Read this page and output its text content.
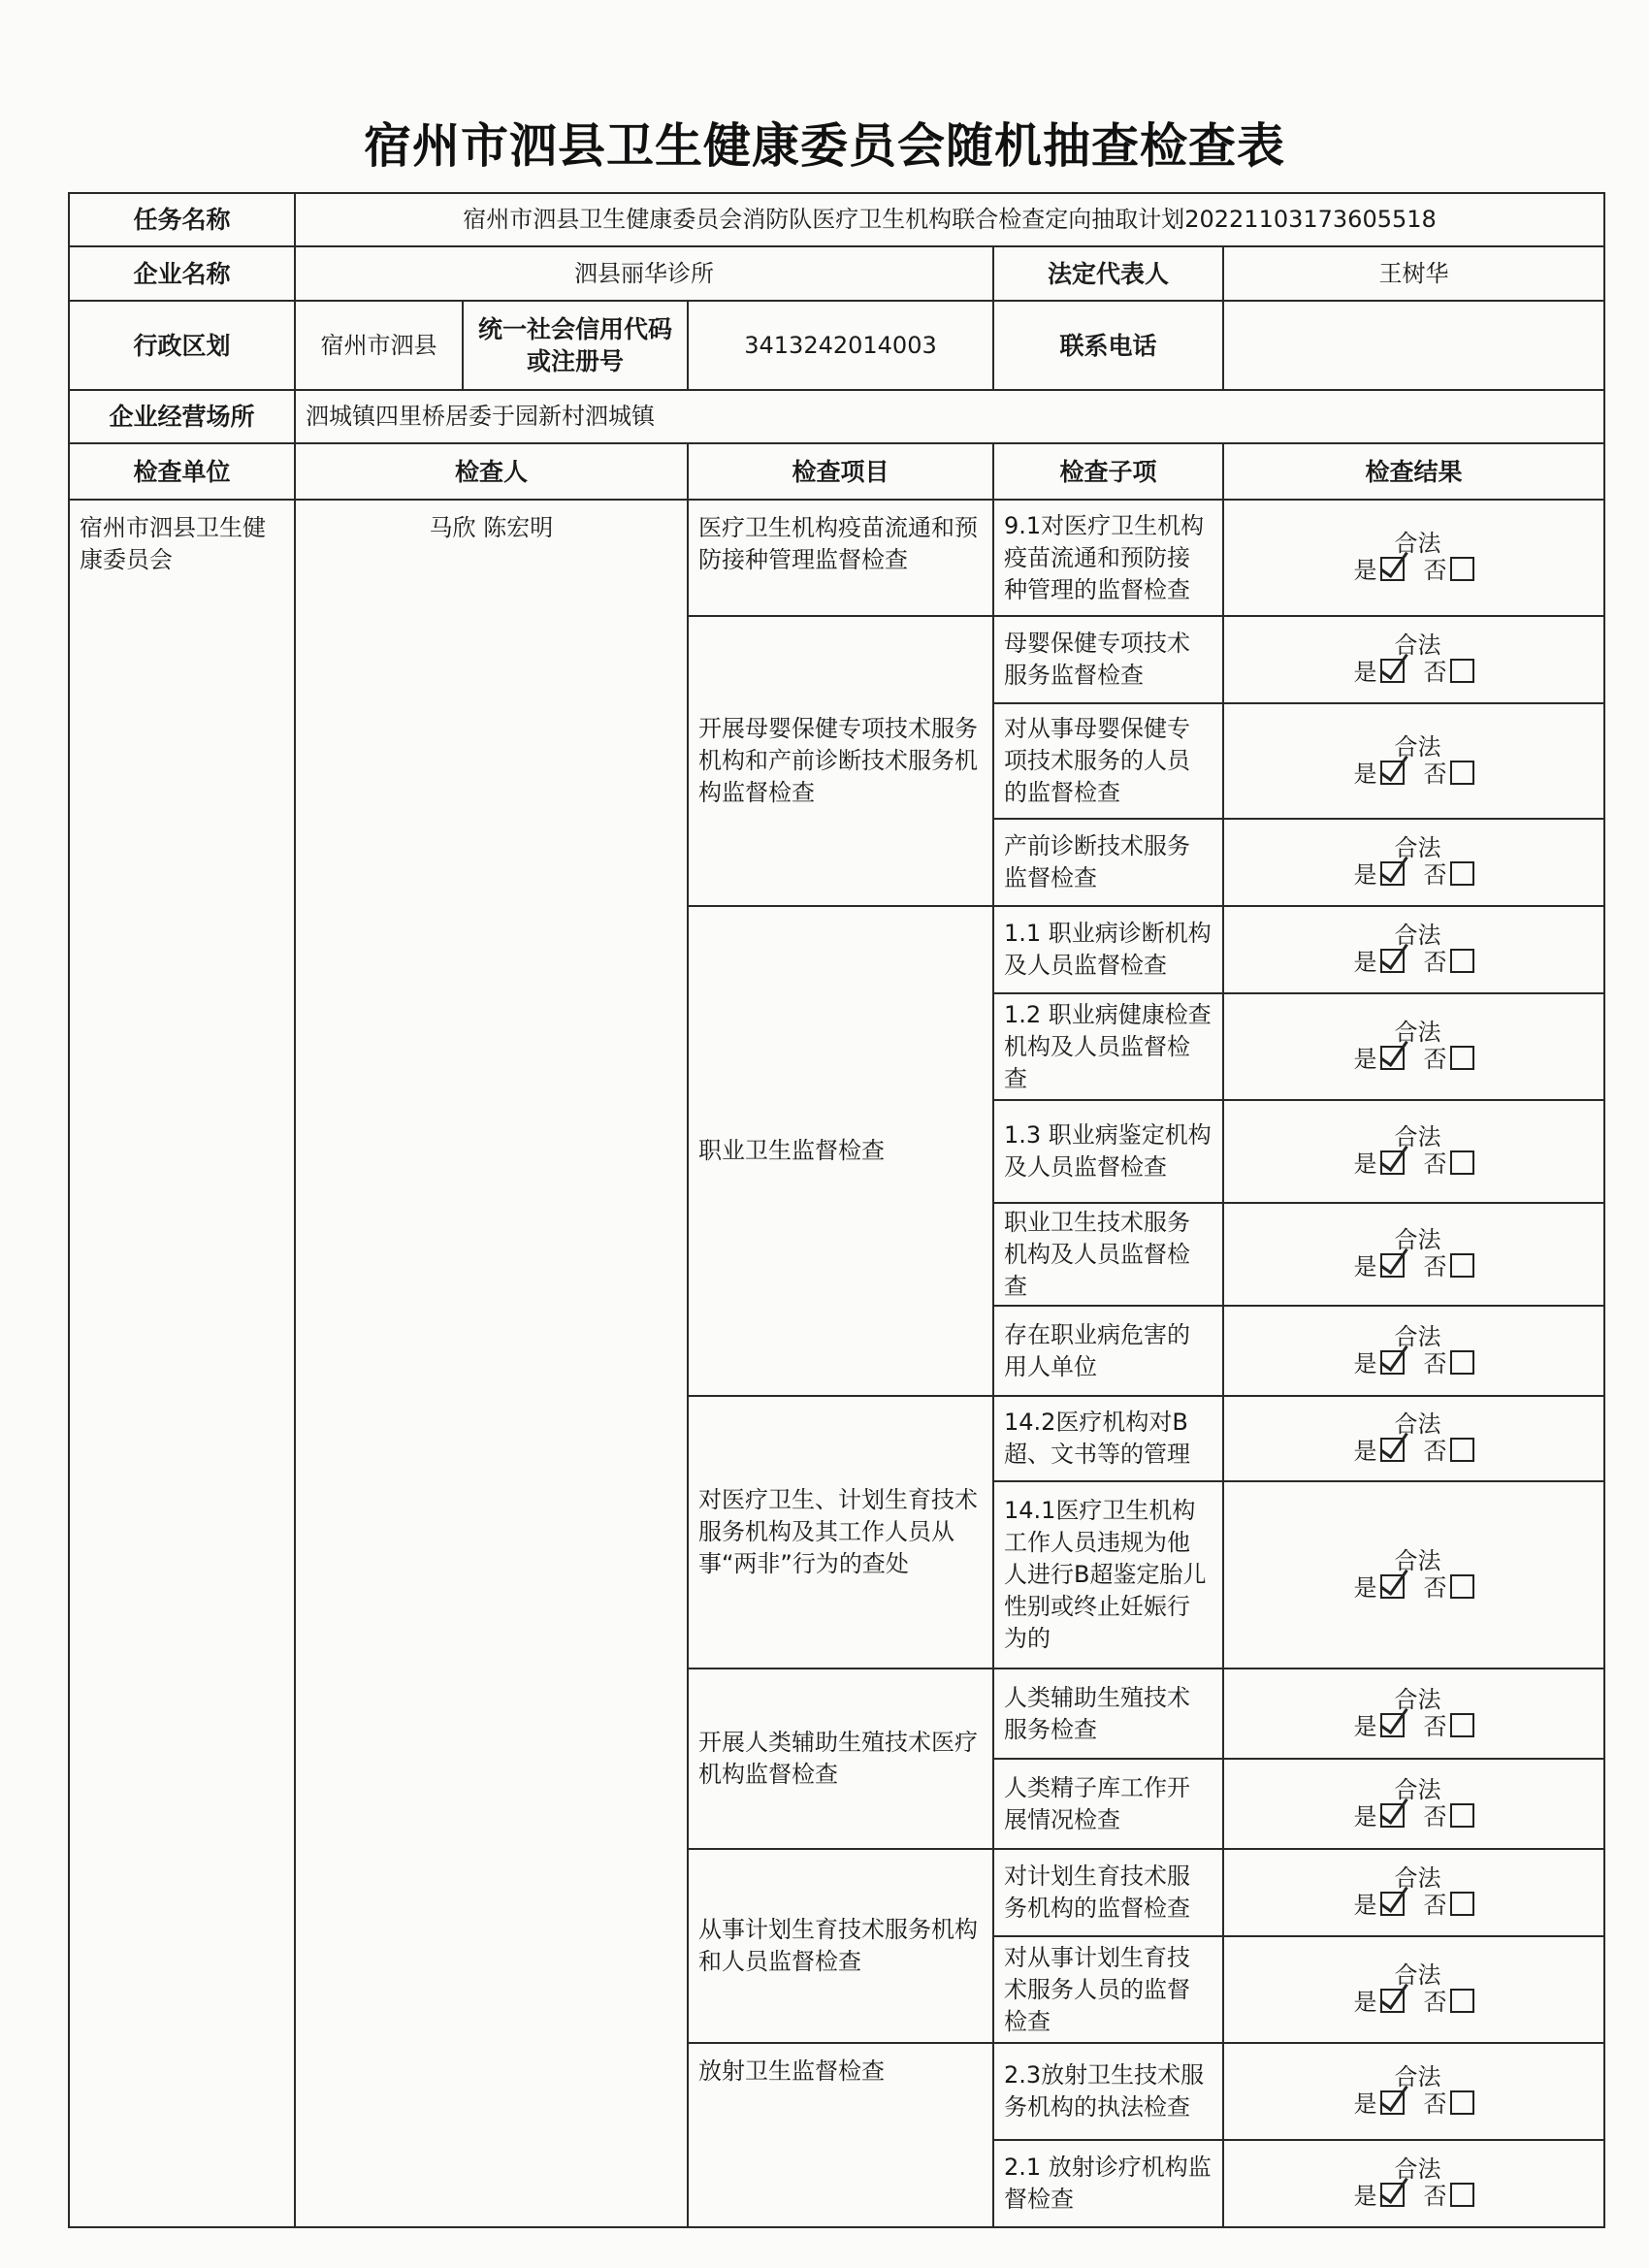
宿州市泗县卫生健康委员会随机抽查检查表
任务名称	宿州市泗县卫生健康委员会消防队医疗卫生机构联合检查定向抽取计划20221103173605518				
企业名称	泗县丽华诊所			法定代表人	王树华
行政区划	宿州市泗县	统一社会信用代码或注册号	3413242014003	联系电话	
企业经营场所	泗城镇四里桥居委于园新村泗城镇				
检查单位	检查人		检查项目	检查子项	检查结果
宿州市泗县卫生健康委员会	马欣 陈宏明		医疗卫生机构疫苗流通和预防接种管理监督检查	9.1对医疗卫生机构疫苗流通和预防接种管理的监督检查	合法
是 否

			开展母婴保健专项技术服务机构和产前诊断技术服务机构监督检查	母婴保健专项技术服务监督检查	合法
是 否

				对从事母婴保健专项技术服务的人员的监督检查	合法
是 否

				产前诊断技术服务监督检查	合法
是 否

			职业卫生监督检查	1.1 职业病诊断机构及人员监督检查	合法
是 否

				1.2 职业病健康检查机构及人员监督检查	合法
是 否

				1.3 职业病鉴定机构及人员监督检查	合法
是 否

				职业卫生技术服务机构及人员监督检查	合法
是 否

				存在职业病危害的用人单位	合法
是 否

			对医疗卫生、计划生育技术服务机构及其工作人员从事“两非”行为的查处	14.2医疗机构对B超、文书等的管理	合法
是 否

				14.1医疗卫生机构工作人员违规为他人进行B超鉴定胎儿性别或终止妊娠行为的	合法
是 否

			开展人类辅助生殖技术医疗机构监督检查	人类辅助生殖技术服务检查	合法
是 否

				人类精子库工作开展情况检查	合法
是 否

			从事计划生育技术服务机构和人员监督检查	对计划生育技术服务机构的监督检查	合法
是 否

				对从事计划生育技术服务人员的监督检查	合法
是 否

			放射卫生监督检查	2.3放射卫生技术服务机构的执法检查	合法
是 否

				2.1 放射诊疗机构监督检查	合法
是 否
